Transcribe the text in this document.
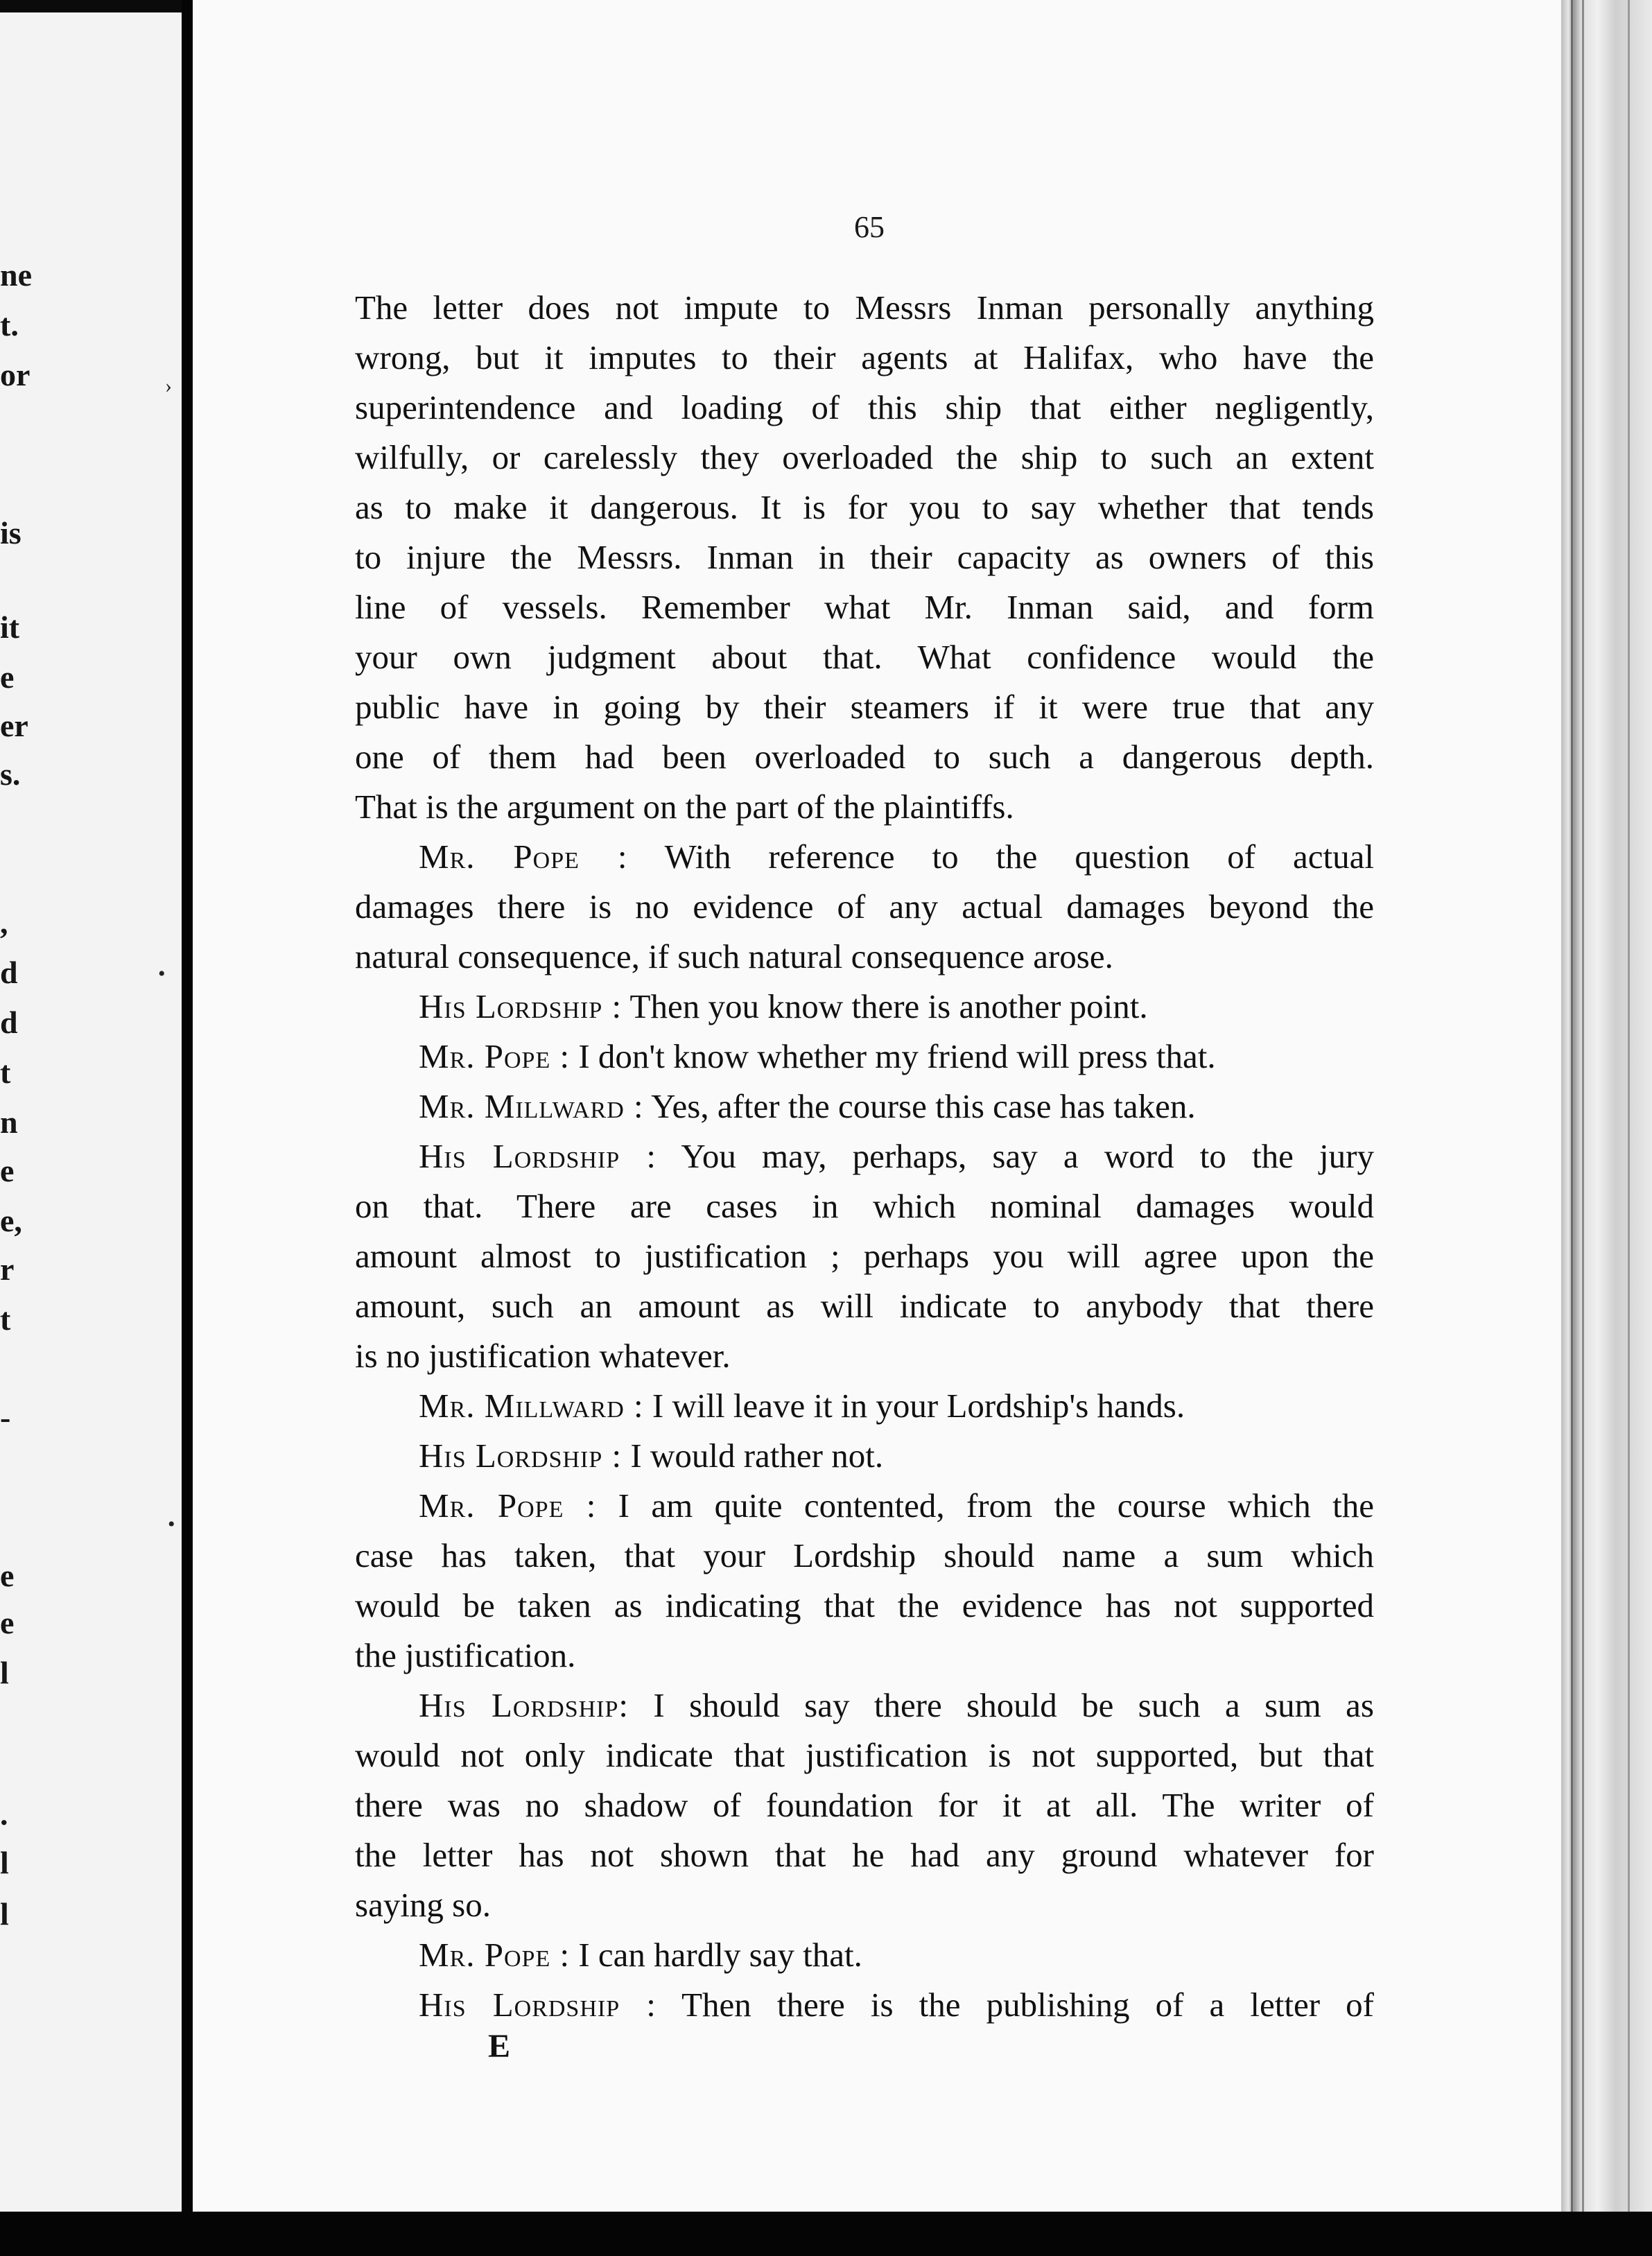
ne
t.
or
is
it
e
er
s.
,
d
d
t
n
e
e,
r
t
-
e
e
l
.
l
l
›
•
•
65
The letter does not impute to Messrs Inman personally anything
wrong, but it imputes to their agents at Halifax, who have the
superintendence and loading of this ship that either negligently,
wilfully, or carelessly they overloaded the ship to such an extent
as to make it dangerous. It is for you to say whether that tends
to injure the Messrs. Inman in their capacity as owners of this
line of vessels. Remember what Mr. Inman said, and form
your own judgment about that. What confidence would the
public have in going by their steamers if it were true that any
one of them had been overloaded to such a dangerous depth.
That is the argument on the part of the plaintiffs.
Mr. Pope : With reference to the question of actual
damages there is no evidence of any actual damages beyond the
natural consequence, if such natural consequence arose.
His Lordship : Then you know there is another point.
Mr. Pope : I don't know whether my friend will press that.
Mr. Millward : Yes, after the course this case has taken.
His Lordship : You may, perhaps, say a word to the jury
on that. There are cases in which nominal damages would
amount almost to justification ; perhaps you will agree upon the
amount, such an amount as will indicate to anybody that there
is no justification whatever.
Mr. Millward : I will leave it in your Lordship's hands.
His Lordship : I would rather not.
Mr. Pope : I am quite contented, from the course which the
case has taken, that your Lordship should name a sum which
would be taken as indicating that the evidence has not supported
the justification.
His Lordship: I should say there should be such a sum as
would not only indicate that justification is not supported, but that
there was no shadow of foundation for it at all. The writer of
the letter has not shown that he had any ground whatever for
saying so.
Mr. Pope : I can hardly say that.
His Lordship : Then there is the publishing of a letter of
E
